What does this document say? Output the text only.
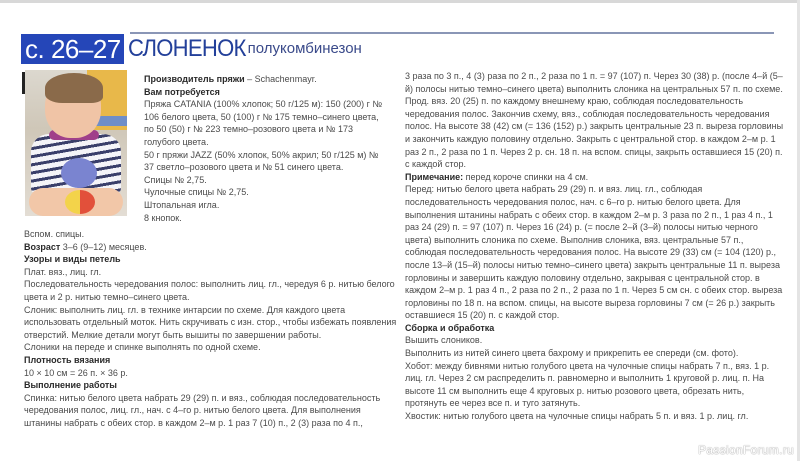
с. 26–27 СЛОНЕНОК полукомбинезон

Производитель пряжи – Schachenmayr.

Вам потребуется

Пряжа CATANIA (100% хлопок; 50 г/125 м): 150 (200) г № 106 белого цвета, 50 (100) г № 175 темно–синего цвета, по 50 (50) г № 223 темно–розового цвета и № 173 голубого цвета.

50 г пряжи JAZZ (50% хлопок, 50% акрил; 50 г/125 м) № 37 светло–розового цвета и № 51 синего цвета.

Спицы № 2,75.

Чулочные спицы № 2,75.

Штопальная игла.

8 кнопок.

Вспом. спицы.

Возраст 3–6 (9–12) месяцев.

Узоры и виды петель

Плат. вяз., лиц. гл.

Последовательность чередования полос: выполнить лиц. гл., чередуя 6 р. нитью белого цвета и 2 р. нитью темно–синего цвета.

Слоник: выполнить лиц. гл. в технике интарсии по схеме. Для каждого цвета использовать отдельный моток. Нить скручивать с изн. стор., чтобы избежать появления отверстий. Мелкие детали могут быть вышиты по завершении работы.

Слоники на переде и спинке выполнять по одной схеме.

Плотность вязания

10 × 10 см = 26 п. × 36 р.

Выполнение работы

Спинка: нитью белого цвета набрать 29 (29) п. и вяз., соблюдая последовательность чередования полос, лиц. гл., нач. с 4–го р. нитью белого цвета. Для выполнения штанины набрать с обеих стор. в каждом 2–м р. 1 раз 7 (10) п., 2 (3) раза по 4 п.,

3 раза по 3 п., 4 (3) раза по 2 п., 2 раза по 1 п. = 97 (107) п. Через 30 (38) р. (после 4–й (5–й) полосы нитью темно–синего цвета) выполнить слоника на центральных 57 п. по схеме. Прод. вяз. 20 (25) п. по каждому внешнему краю, соблюдая последовательность чередования полос. Закончив схему, вяз., соблюдая последовательность чередования полос. На высоте 38 (42) см (= 136 (152) р.) закрыть центральные 23 п. выреза горловины и закончить каждую половину отдельно. Закрыть с центральной стор. в каждом 2–м р. 1 раз 2 п., 2 раза по 1 п. Через 2 р. сн. 18 п. на вспом. спицы, закрыть оставшиеся 15 (20) п. с каждой стор.

Примечание: перед короче спинки на 4 см.

Перед: нитью белого цвета набрать 29 (29) п. и вяз. лиц. гл., соблюдая последовательность чередования полос, нач. с 6–го р. нитью белого цвета. Для выполнения штанины набрать с обеих стор. в каждом 2–м р. 3 раза по 2 п., 1 раз 4 п., 1 раз 24 (29) п. = 97 (107) п. Через 16 (24) р. (= после 2–й (3–й) полосы нитью черного цвета) выполнить слоника по схеме. Выполнив слоника, вяз. центральные 57 п., соблюдая последовательность чередования полос. На высоте 29 (33) см (= 104 (120) р., после 13–й (15–й) полосы нитью темно–синего цвета) закрыть центральные 11 п. выреза горловины и завершить каждую половину отдельно, закрывая с центральной стор. в каждом 2–м р. 1 раз 4 п., 2 раза по 2 п., 2 раза по 1 п. Через 5 см сн. с обеих стор. выреза горловины по 18 п. на вспом. спицы, на высоте выреза горловины 7 см (= 26 р.) закрыть оставшиеся 15 (20) п. с каждой стор.

Сборка и обработка

Вышить слоников.

Выполнить из нитей синего цвета бахрому и прикрепить ее спереди (см. фото).

Хобот: между бивнями нитью голубого цвета на чулочные спицы набрать 7 п., вяз. 1 р. лиц. гл. Через 2 см распределить п. равномерно и выполнить 1 круговой р. лиц. п. На высоте 11 см выполнить еще 4 круговых р. нитью розового цвета, обрезать нить, протянуть ее через все п. и туго затянуть.

Хвостик: нитью голубого цвета на чулочные спицы набрать 5 п. и вяз. 1 р. лиц. гл.

PassionForum.ru
